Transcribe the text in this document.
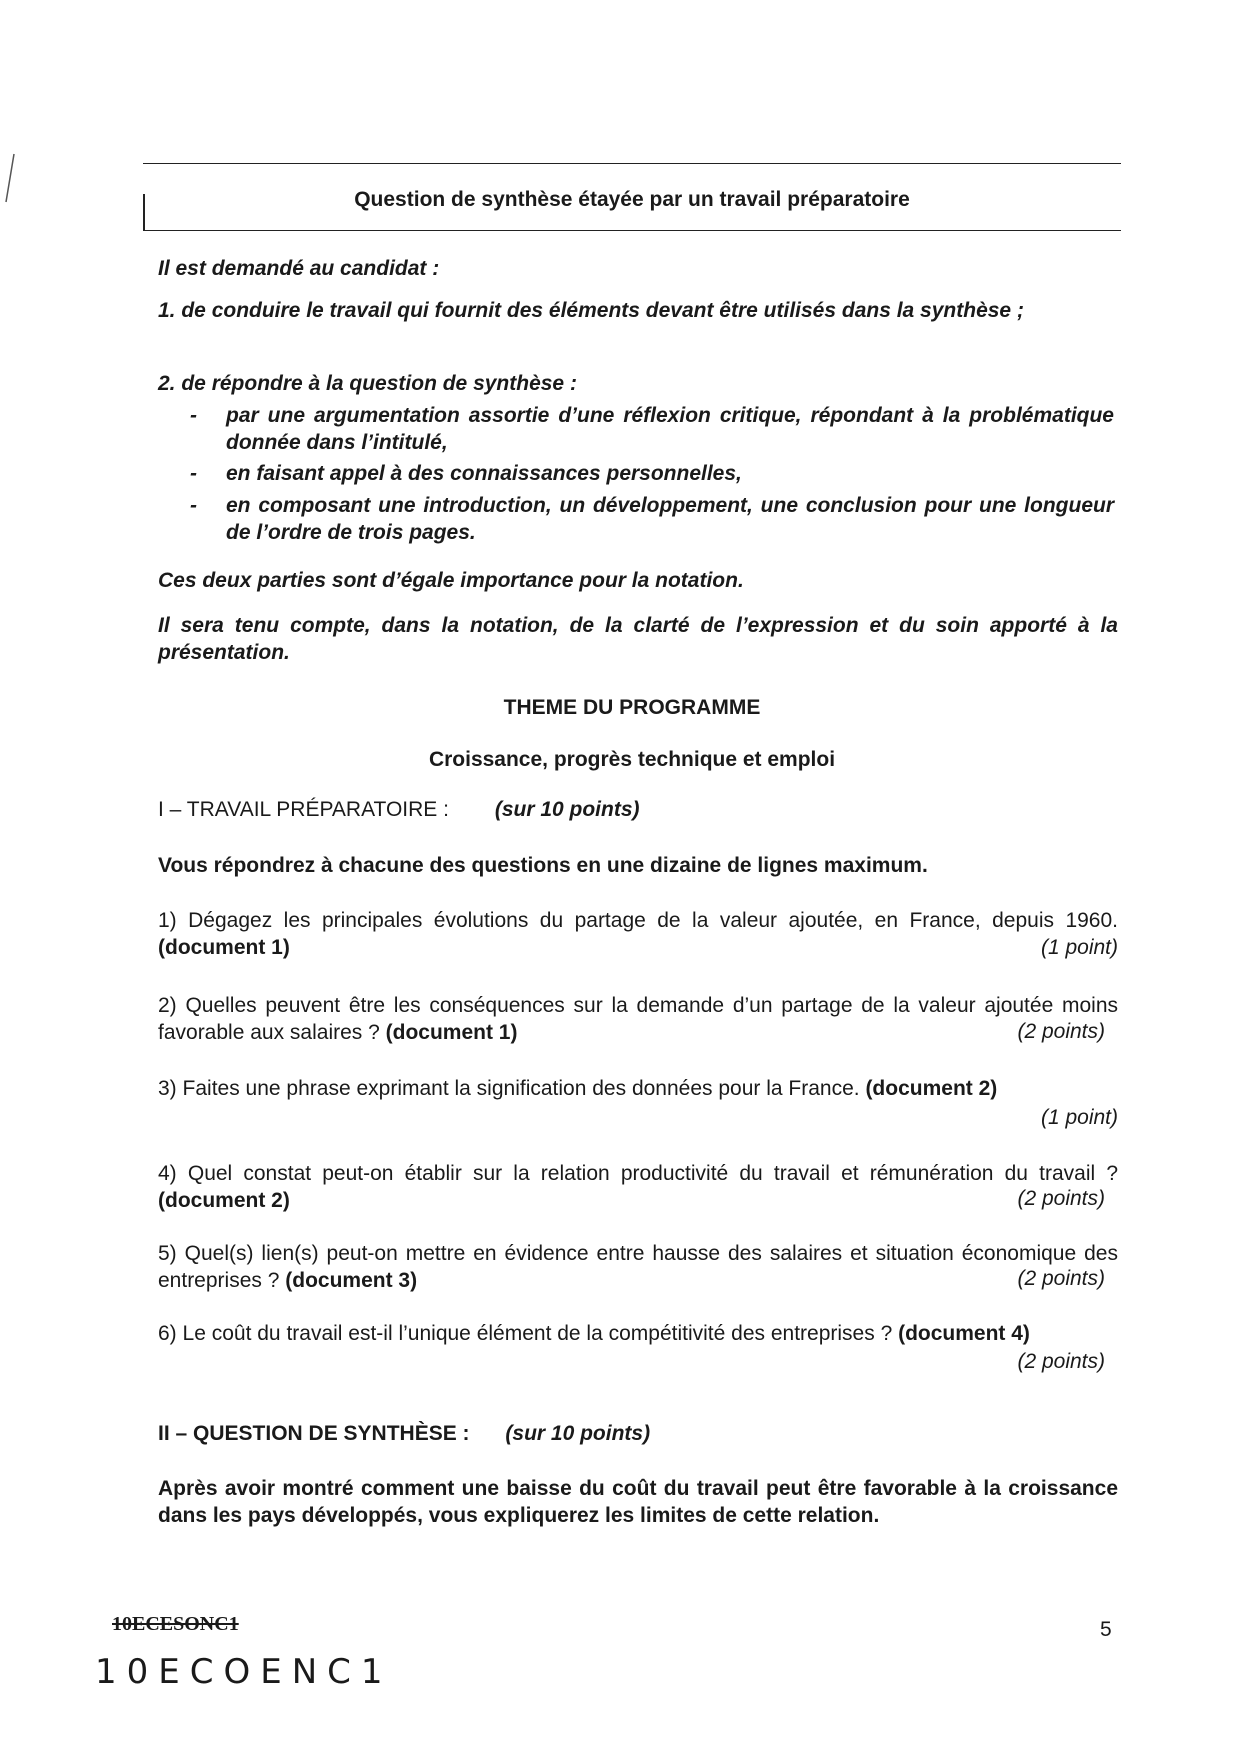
Question de synthèse étayée par un travail préparatoire
Il est demandé au candidat :
1. de conduire le travail qui fournit des éléments devant être utilisés dans la synthèse ;
2. de répondre à la question de synthèse :
- par une argumentation assortie d’une réflexion critique, répondant à la problématique donnée dans l’intitulé,
- en faisant appel à des connaissances personnelles,
- en composant une introduction, un développement, une conclusion pour une longueur de l’ordre de trois pages.
Ces deux parties sont d’égale importance pour la notation.
Il sera tenu compte, dans la notation, de la clarté de l’expression et du soin apporté à la présentation.
THEME DU PROGRAMME
Croissance, progrès technique et emploi
I – TRAVAIL PRÉPARATOIRE : (sur 10 points)
Vous répondrez à chacune des questions en une dizaine de lignes maximum.
1) Dégagez les principales évolutions du partage de la valeur ajoutée, en France, depuis 1960. (document 1)	(1 point)
2) Quelles peuvent être les conséquences sur la demande d’un partage de la valeur ajoutée moins favorable aux salaires ? (document 1)	(2 points)
3) Faites une phrase exprimant la signification des données pour la France. (document 2)
(1 point)
4) Quel constat peut-on établir sur la relation productivité du travail et rémunération du travail ? (document 2)	(2 points)
5) Quel(s) lien(s) peut-on mettre en évidence entre hausse des salaires et situation économique des entreprises ? (document 3)	(2 points)
6) Le coût du travail est-il l’unique élément de la compétitivité des entreprises ? (document 4)
(2 points)
II – QUESTION DE SYNTHÈSE : (sur 10 points)
Après avoir montré comment une baisse du coût du travail peut être favorable à la croissance dans les pays développés, vous expliquerez les limites de cette relation.
10ECESONC1
10ECOENC1
5
